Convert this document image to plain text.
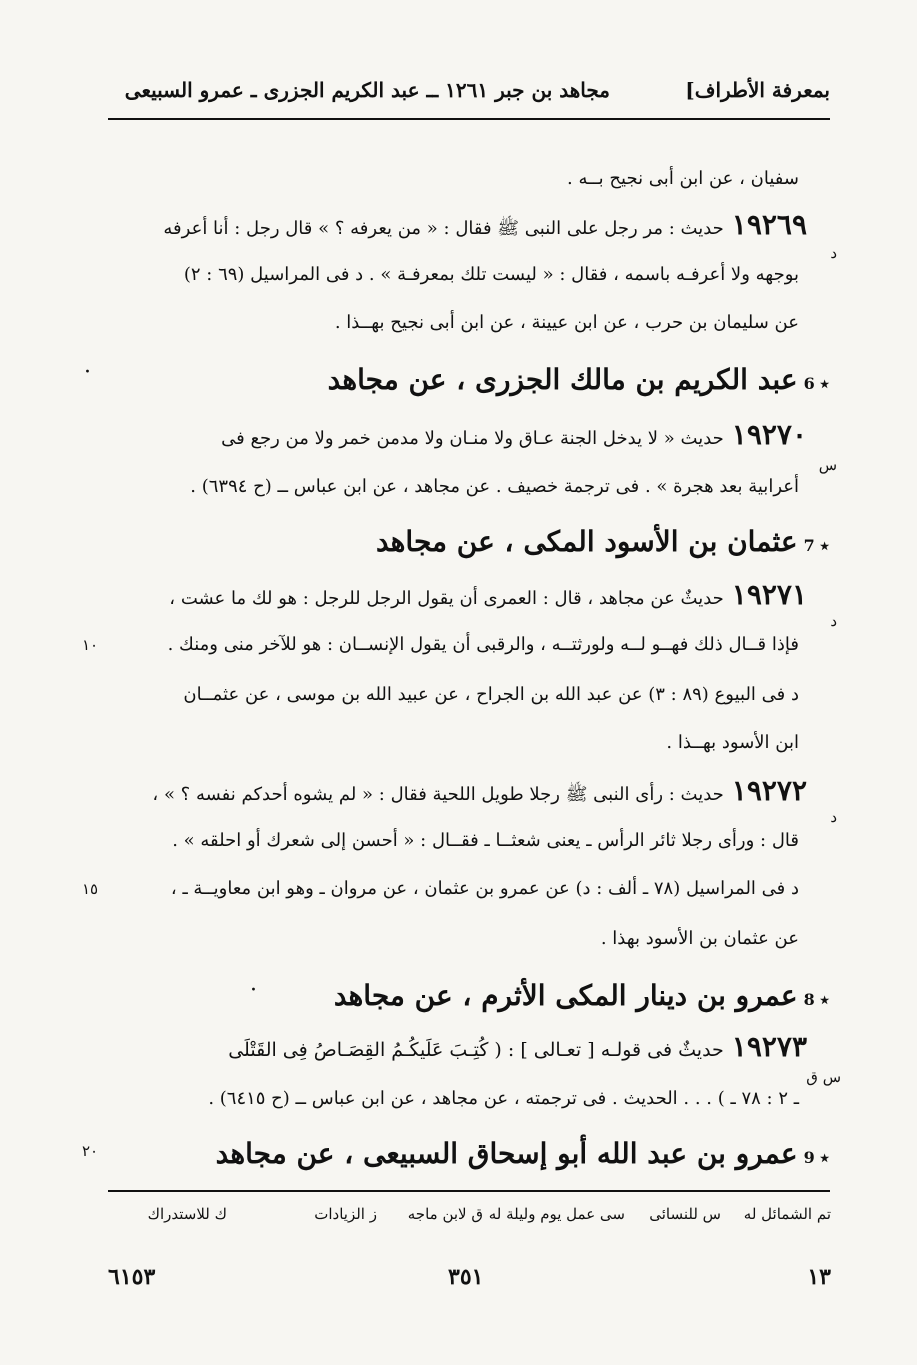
بمعرفة الأطراف]
مجاهد بن جبر ١٢٦١ ــ عبد الكريم الجزرى ـ عمرو السبيعى
سفيان ، عن ابن أبى نجيح بــه .
١٩٢٦٩حديث : مر رجل على النبى ﷺ فقال : « من يعرفه ؟ » قال رجل : أنا أعرفه
د
بوجهه ولا أعرفـه باسمه ، فقال : « ليست تلك بمعرفـة » . د فى المراسيل (٦٩ : ٢)
عن سليمان بن حرب ، عن ابن عيينة ، عن ابن أبى نجيح بهــذا .
٭ 6عبد الكريم بن مالك الجزرى ، عن مجاهد
·
١٩٢٧٠حديث « لا يدخل الجنة عـاق ولا منـان ولا مدمن خمر ولا من رجع فى
س
أعرابية بعد هجرة » . فى ترجمة خصيف . عن مجاهد ، عن ابن عباس ــ (ح ٦٣٩٤) .
٭ 7عثمان بن الأسود المكى ، عن مجاهد
١٩٢٧١حديثٌ عن مجاهد ، قال : العمرى أن يقول الرجل للرجل : هو لك ما عشت ،
د
فإذا قــال ذلك فهــو لــه ولورثتــه ، والرقبى أن يقول الإنســان : هو للآخر منى ومنك .
١٠
د فى البيوع (٨٩ : ٣) عن عبد الله بن الجراح ، عن عبيد الله بن موسى ، عن عثمــان
ابن الأسود بهــذا .
١٩٢٧٢حديث : رأى النبى ﷺ رجلا طويل اللحية فقال : « لم يشوه أحدكم نفسه ؟ » ،
د
قال : ورأى رجلا ثائر الرأس ـ يعنى شعثــا ـ فقــال : « أحسن إلى شعرك أو احلقه » .
د فى المراسيل (٧٨ ـ ألف : د) عن عمرو بن عثمان ، عن مروان ـ وهو ابن معاويــة ـ ،
١٥
عن عثمان بن الأسود بهذا .
٭ 8عمرو بن دينار المكى الأثرم ، عن مجاهد
·
١٩٢٧٣حديثٌ فى قولـه [ تعـالى ] : ( كُتِـبَ عَلَيكُـمُ القِصَـاصُ فِى القَتْلَى
س ق
ـ ٢ : ٧٨ ـ ) . . . الحديث . فى ترجمته ، عن مجاهد ، عن ابن عباس ــ (ح ٦٤١٥) .
٭ 9عمرو بن عبد الله أبو إسحاق السبيعى ، عن مجاهد
٢٠
تم الشمائل له
س للنسائى
سى عمل يوم وليلة له
ق لابن ماجه
ز الزيادات
ك للاستدراك
١٣
٣٥١
٦١٥٣
